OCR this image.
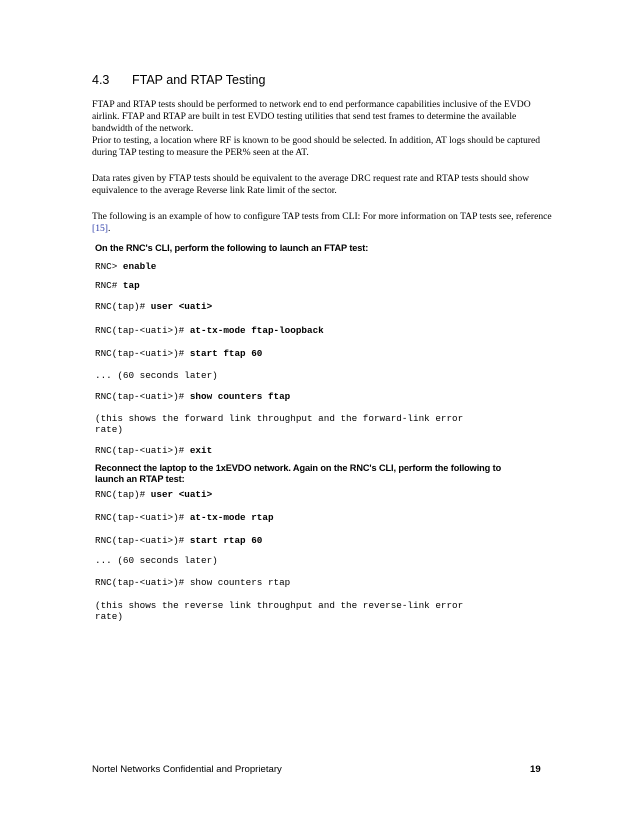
4.3 FTAP and RTAP Testing

FTAP and RTAP tests should be performed to network end to end performance capabilities inclusive of the EVDO airlink. FTAP and RTAP are built in test EVDO testing utilities that send test frames to determine the available bandwidth of the network.

Prior to testing, a location where RF is known to be good should be selected. In addition, AT logs should be captured during TAP testing to measure the PER% seen at the AT.

Data rates given by FTAP tests should be equivalent to the average DRC request rate and RTAP tests should show equivalence to the average Reverse link Rate limit of the sector.

The following is an example of how to configure TAP tests from CLI: For more information on TAP tests see, reference [15].

On the RNC's CLI, perform the following to launch an FTAP test:
RNC> enable
RNC# tap
RNC(tap)# user <uati>
RNC(tap-<uati>)# at-tx-mode ftap-loopback
RNC(tap-<uati>)# start ftap 60
... (60 seconds later)
RNC(tap-<uati>)# show counters ftap
(this shows the forward link throughput and the forward-link error
rate)
RNC(tap-<uati>)# exit
Reconnect the laptop to the 1xEVDO network. Again on the RNC's CLI, perform the following to
launch an RTAP test:
RNC(tap)# user <uati>
RNC(tap-<uati>)# at-tx-mode rtap
RNC(tap-<uati>)# start rtap 60
... (60 seconds later)
RNC(tap-<uati>)# show counters rtap
(this shows the reverse link throughput and the reverse-link error
rate)
Nortel Networks Confidential and Proprietary	19
